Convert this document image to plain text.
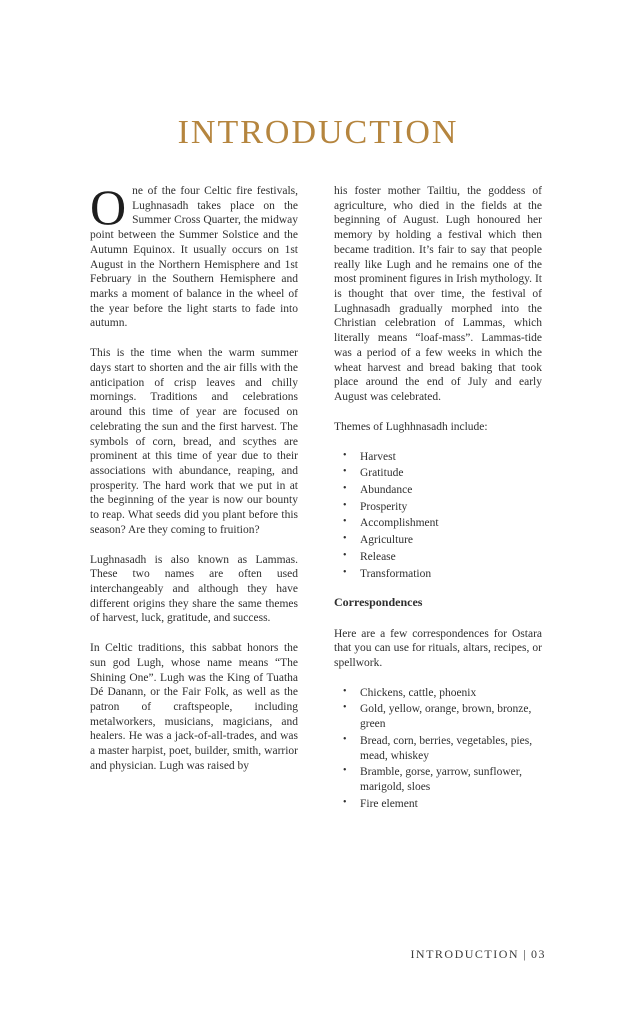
INTRODUCTION

One of the four Celtic fire festivals, Lughnasadh takes place on the Summer Cross Quarter, the midway point between the Summer Solstice and the Autumn Equinox. It usually occurs on 1st August in the Northern Hemisphere and 1st February in the Southern Hemisphere and marks a moment of balance in the wheel of the year before the light starts to fade into autumn.

This is the time when the warm summer days start to shorten and the air fills with the anticipation of crisp leaves and chilly mornings. Traditions and celebrations around this time of year are focused on celebrating the sun and the first harvest. The symbols of corn, bread, and scythes are prominent at this time of year due to their associations with abundance, reaping, and prosperity. The hard work that we put in at the beginning of the year is now our bounty to reap. What seeds did you plant before this season? Are they coming to fruition?

Lughnasadh is also known as Lammas. These two names are often used interchangeably and although they have different origins they share the same themes of harvest, luck, gratitude, and success.

In Celtic traditions, this sabbat honors the sun god Lugh, whose name means “The Shining One”. Lugh was the King of Tuatha Dé Danann, or the Fair Folk, as well as the patron of craftspeople, including metalworkers, musicians, magicians, and healers. He was a jack-of-all-trades, and was a master harpist, poet, builder, smith, warrior and physician. Lugh was raised by

his foster mother Tailtiu, the goddess of agriculture, who died in the fields at the beginning of August. Lugh honoured her memory by holding a festival which then became tradition. It’s fair to say that people really like Lugh and he remains one of the most prominent figures in Irish mythology. It is thought that over time, the festival of Lughnasadh gradually morphed into the Christian celebration of Lammas, which literally means “loaf-mass”. Lammas-tide was a period of a few weeks in which the wheat harvest and bread baking that took place around the end of July and early August was celebrated.

Themes of Lughhnasadh include:

• Harvest
• Gratitude
• Abundance
• Prosperity
• Accomplishment
• Agriculture
• Release
• Transformation
Correspondences

Here are a few correspondences for Ostara that you can use for rituals, altars, recipes, or spellwork.

• Chickens, cattle, phoenix
• Gold, yellow, orange, brown, bronze, green
• Bread, corn, berries, vegetables, pies, mead, whiskey
• Bramble, gorse, yarrow, sunflower, marigold, sloes
• Fire element
INTRODUCTION | 03
